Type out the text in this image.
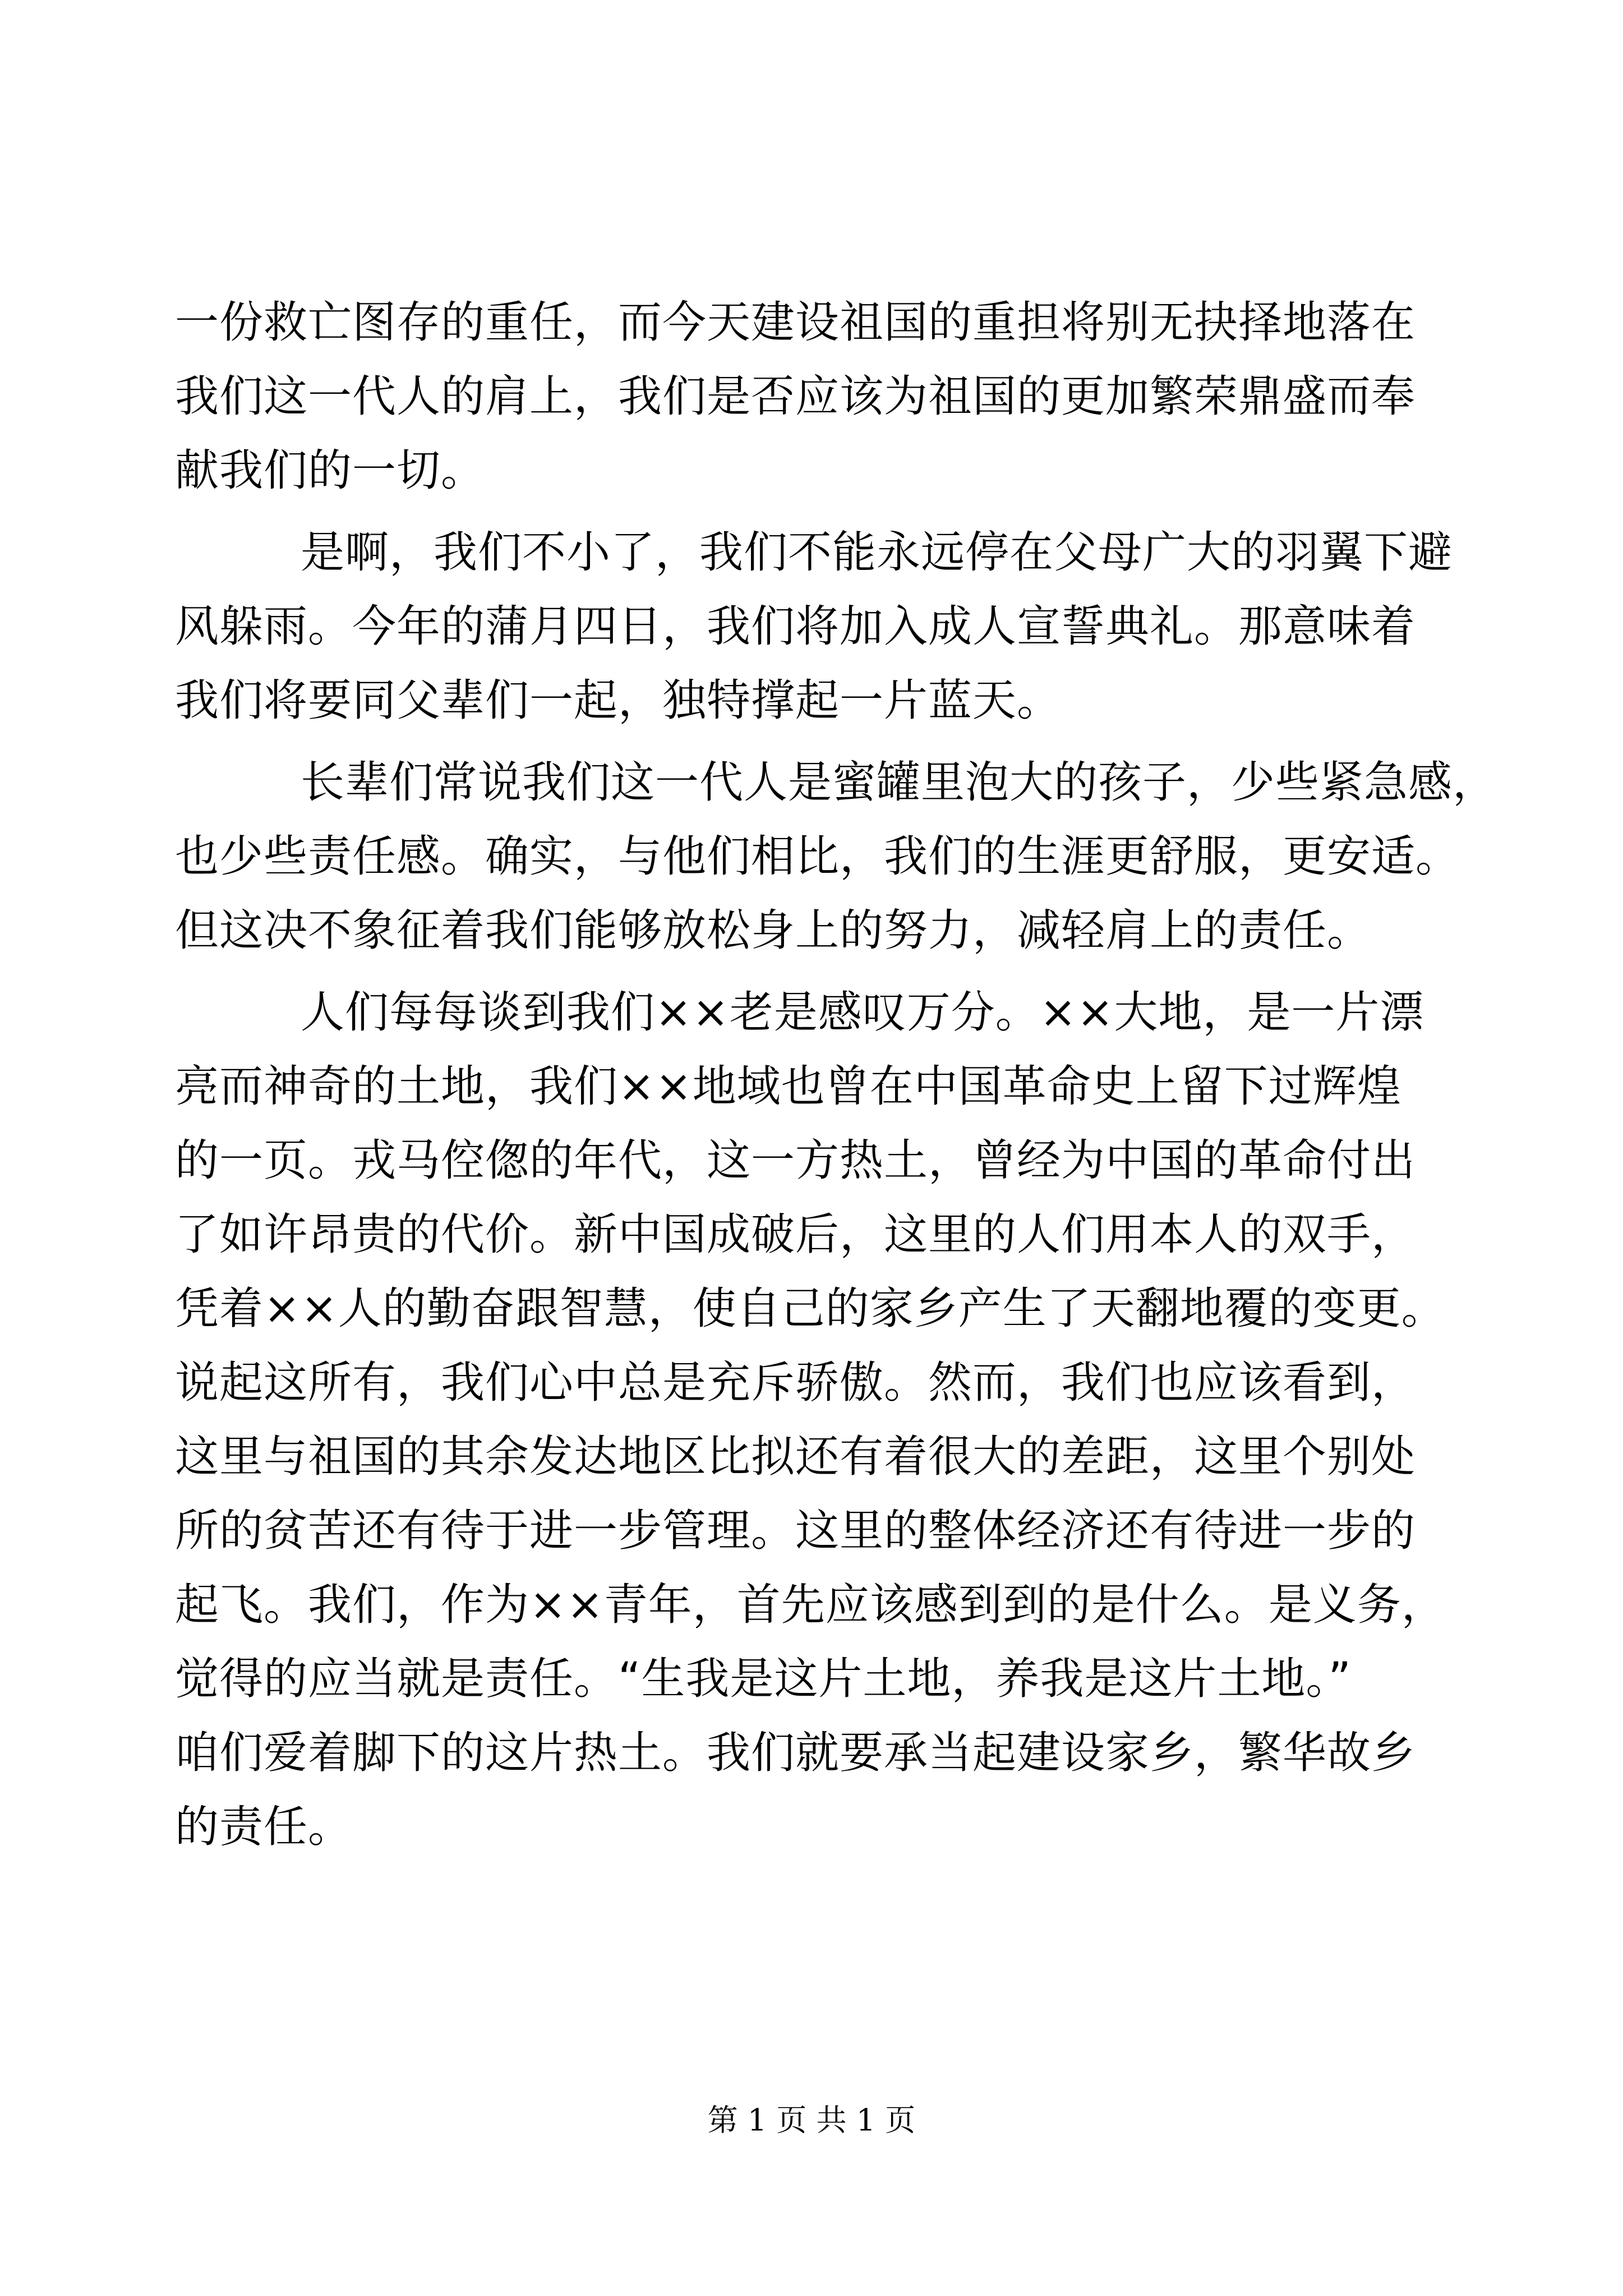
一份救亡图存的重任，而今天建设祖国的重担将别无抉择地落在
我们这一代人的肩上，我们是否应该为祖国的更加繁荣鼎盛而奉
献我们的一切。
是啊，我们不小了，我们不能永远停在父母广大的羽翼下避
风躲雨。今年的蒲月四日，我们将加入成人宣誓典礼。那意味着
我们将要同父辈们一起，独特撑起一片蓝天。
长辈们常说我们这一代人是蜜罐里泡大的孩子，少些紧急感，
也少些责任感。确实，与他们相比，我们的生涯更舒服，更安适。
但这决不象征着我们能够放松身上的努力，减轻肩上的责任。
人们每每谈到我们××老是感叹万分。××大地，是一片漂
亮而神奇的土地，我们××地域也曾在中国革命史上留下过辉煌
的一页。戎马倥偬的年代，这一方热土，曾经为中国的革命付出
了如许昂贵的代价。新中国成破后，这里的人们用本人的双手，
凭着××人的勤奋跟智慧，使自己的家乡产生了天翻地覆的变更。
说起这所有，我们心中总是充斥骄傲。然而，我们也应该看到，
这里与祖国的其余发达地区比拟还有着很大的差距，这里个别处
所的贫苦还有待于进一步管理。这里的整体经济还有待进一步的
起飞。我们，作为××青年，首先应该感到到的是什么。是义务，
觉得的应当就是责任。“生我是这片土地，养我是这片土地。”
咱们爱着脚下的这片热土。我们就要承当起建设家乡，繁华故乡
的责任。
第 1 页 共 1 页
